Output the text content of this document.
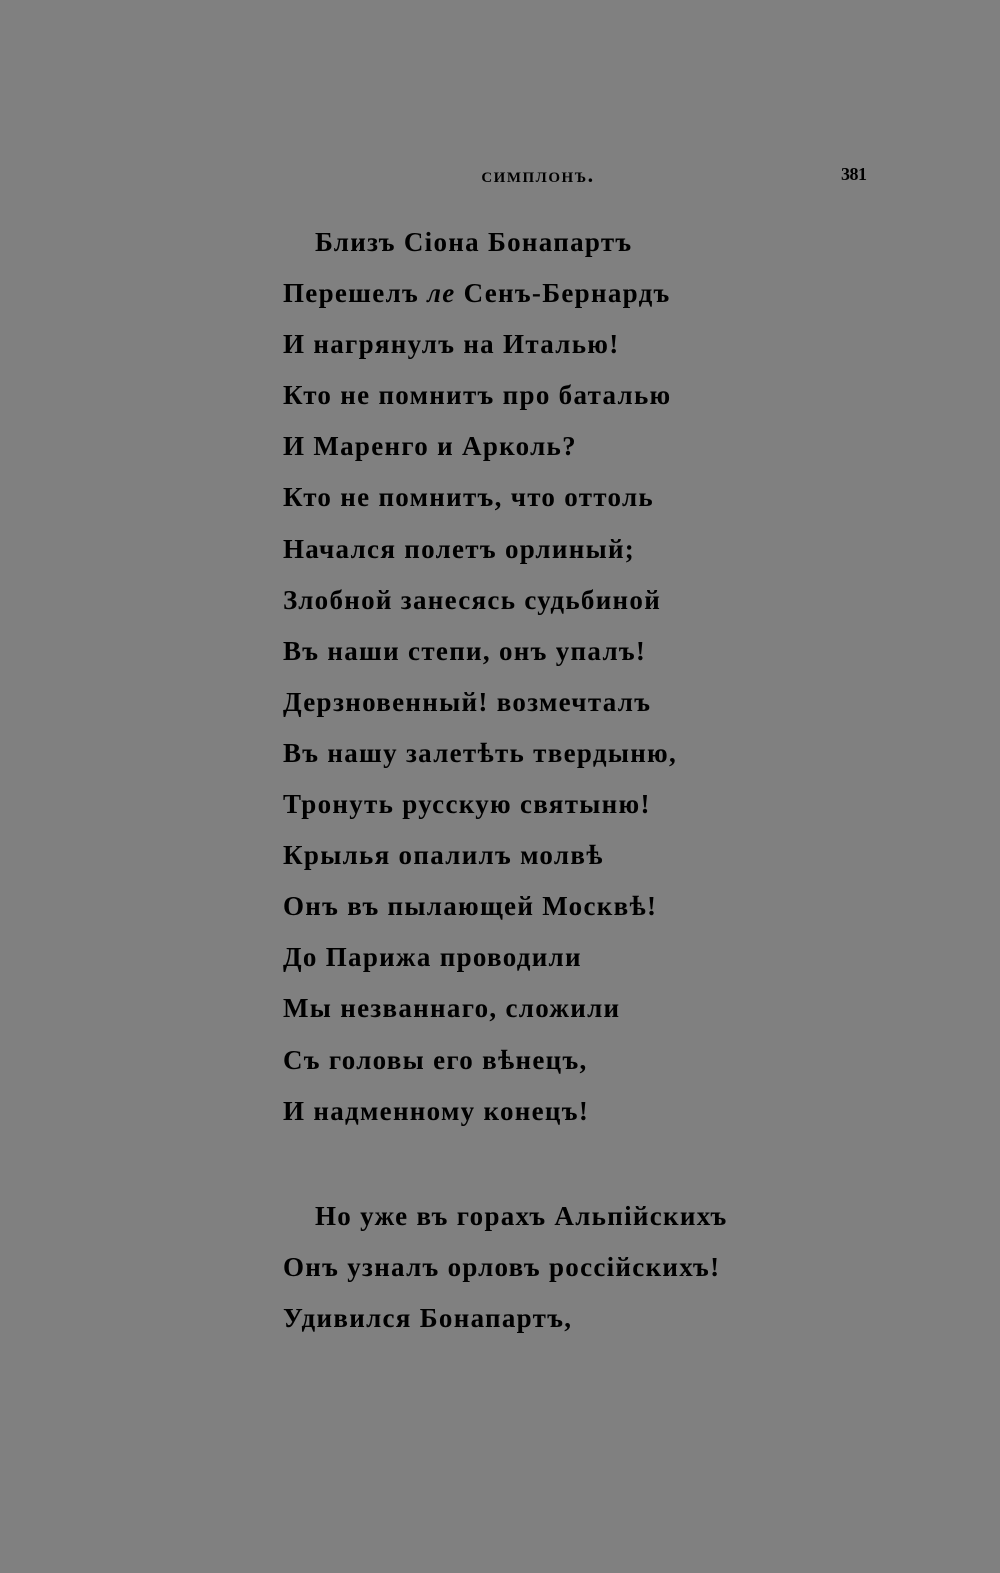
симплонъ.	381
Близъ Сіона Бонапартъ
Перешелъ ле Сенъ-Бернардъ
И нагрянулъ на Италью!
Кто не помнитъ про баталью
И Маренго и Арколь?
Кто не помнитъ, что оттоль
Начался полетъ орлиный;
Злобной занесясь судьбиной
Въ наши степи, онъ упалъ!
Дерзновенный! возмечталъ
Въ нашу залетѣть твердыню,
Тронуть русскую святыню!
Крылья опалилъ молвѣ
Онъ въ пылающей Москвѣ!
До Парижа проводили
Мы незваннаго, сложили
Съ головы его вѣнецъ,
И надменному конецъ!
Но уже въ горахъ Альпійскихъ
Онъ узналъ орловъ россійскихъ!
Удивился Бонапартъ,
